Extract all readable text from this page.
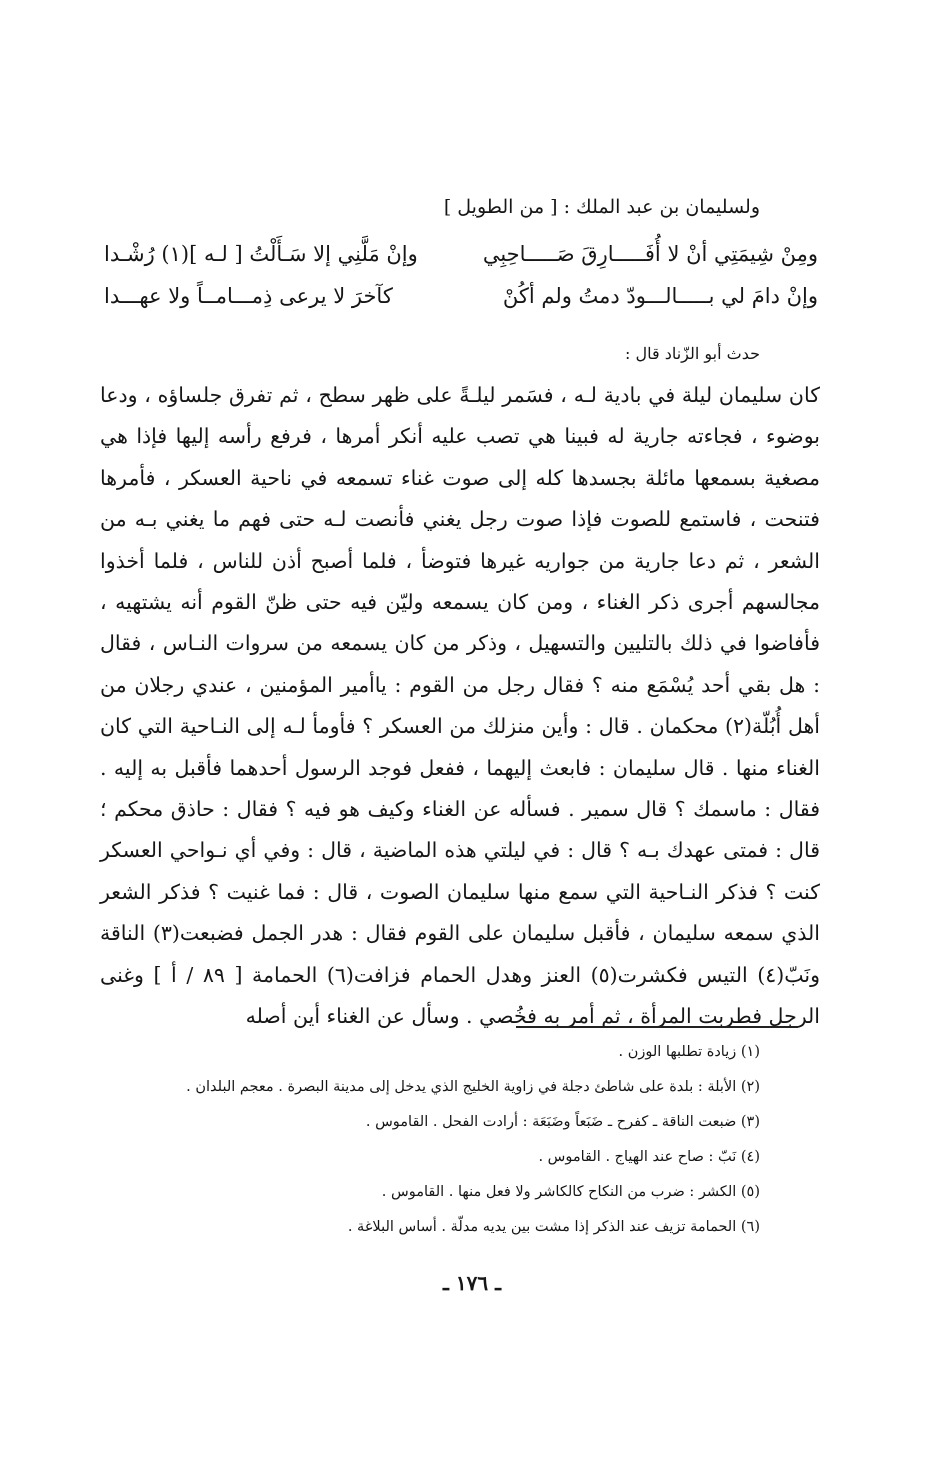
ولسليمان بن عبد الملك : [ من الطويل ]
ومِنْ شِيمَتِي أنْ لا أُفَـــــارِقَ صَـــــاحِبِي
وإنْ مَلَّنِي إلا سَـأَلْتُ [ لـه ](١) رُشْـدا
وإنْ دامَ لي بـــــالـــودّ دمتُ ولم أكُنْ
كآخرَ لا يرعى ذِمـــامــاً ولا عهـــدا
حدث أبو الزّناد قال :

كان سليمان ليلة في بادية لـه ، فسَمر ليلـةً على ظهر سطح ، ثم تفرق جلساؤه ، ودعا بوضوء ، فجاءته جارية له فبينا هي تصب عليه أنكر أمرها ، فرفع رأسه إليها فإذا هي مصغية بسمعها مائلة بجسدها كله إلى صوت غناء تسمعه في ناحية العسكر ، فأمرها فتنحت ، فاستمع للصوت فإذا صوت رجل يغني فأنصت لـه حتى فهم ما يغني بـه من الشعر ، ثم دعا جارية من جواريه غيرها فتوضأ ، فلما أصبح أذن للناس ، فلما أخذوا مجالسهم أجرى ذكر الغناء ، ومن كان يسمعه وليّن فيه حتى ظنّ القوم أنه يشتهيه ، فأفاضوا في ذلك بالتليين والتسهيل ، وذكر من كان يسمعه من سروات النـاس ، فقال : هل بقي أحد يُسْمَع منه ؟ فقال رجل من القوم : ياأمير المؤمنين ، عندي رجلان من أهل أُبُلّة(٢) محكمان . قال : وأين منزلك من العسكر ؟ فأومأ لـه إلى النـاحية التي كان الغناء منها . قال سليمان : فابعث إليهما ، ففعل فوجد الرسول أحدهما فأقبل به إليه . فقال : ماسمك ؟ قال سمير . فسأله عن الغناء وكيف هو فيه ؟ فقال : حاذق محكم ؛ قال : فمتى عهدك بـه ؟ قال : في ليلتي هذه الماضية ، قال : وفي أي نـواحي العسكر كنت ؟ فذكر النـاحية التي سمع منها سليمان الصوت ، قال : فما غنيت ؟ فذكر الشعر الذي سمعه سليمان ، فأقبل سليمان على القوم فقال : هدر الجمل فضبعت(٣) الناقة ونَبّ(٤) التيس فكشرت(٥) العنز وهدل الحمام فزافت(٦) الحمامة [ ٨٩ / أ ] وغنى الرجل فطربت المرأة ، ثم أمر به فخُصي . وسأل عن الغناء أين أصله

(١) زيادة تطلبها الوزن .
(٢) الأبلة : بلدة على شاطئ دجلة في زاوية الخليج الذي يدخل إلى مدينة البصرة . معجم البلدان .
(٣) ضبعت الناقة ـ كفرح ـ ضَبَعاً وضَبَعَة : أرادت الفحل . القاموس .
(٤) نَبّ : صاح عند الهياج . القاموس .
(٥) الكشر : ضرب من النكاح كالكاشر ولا فعل منها . القاموس .
(٦) الحمامة تزيف عند الذكر إذا مشت بين يديه مدلّة . أساس البلاغة .
ـ ١٧٦ ـ
